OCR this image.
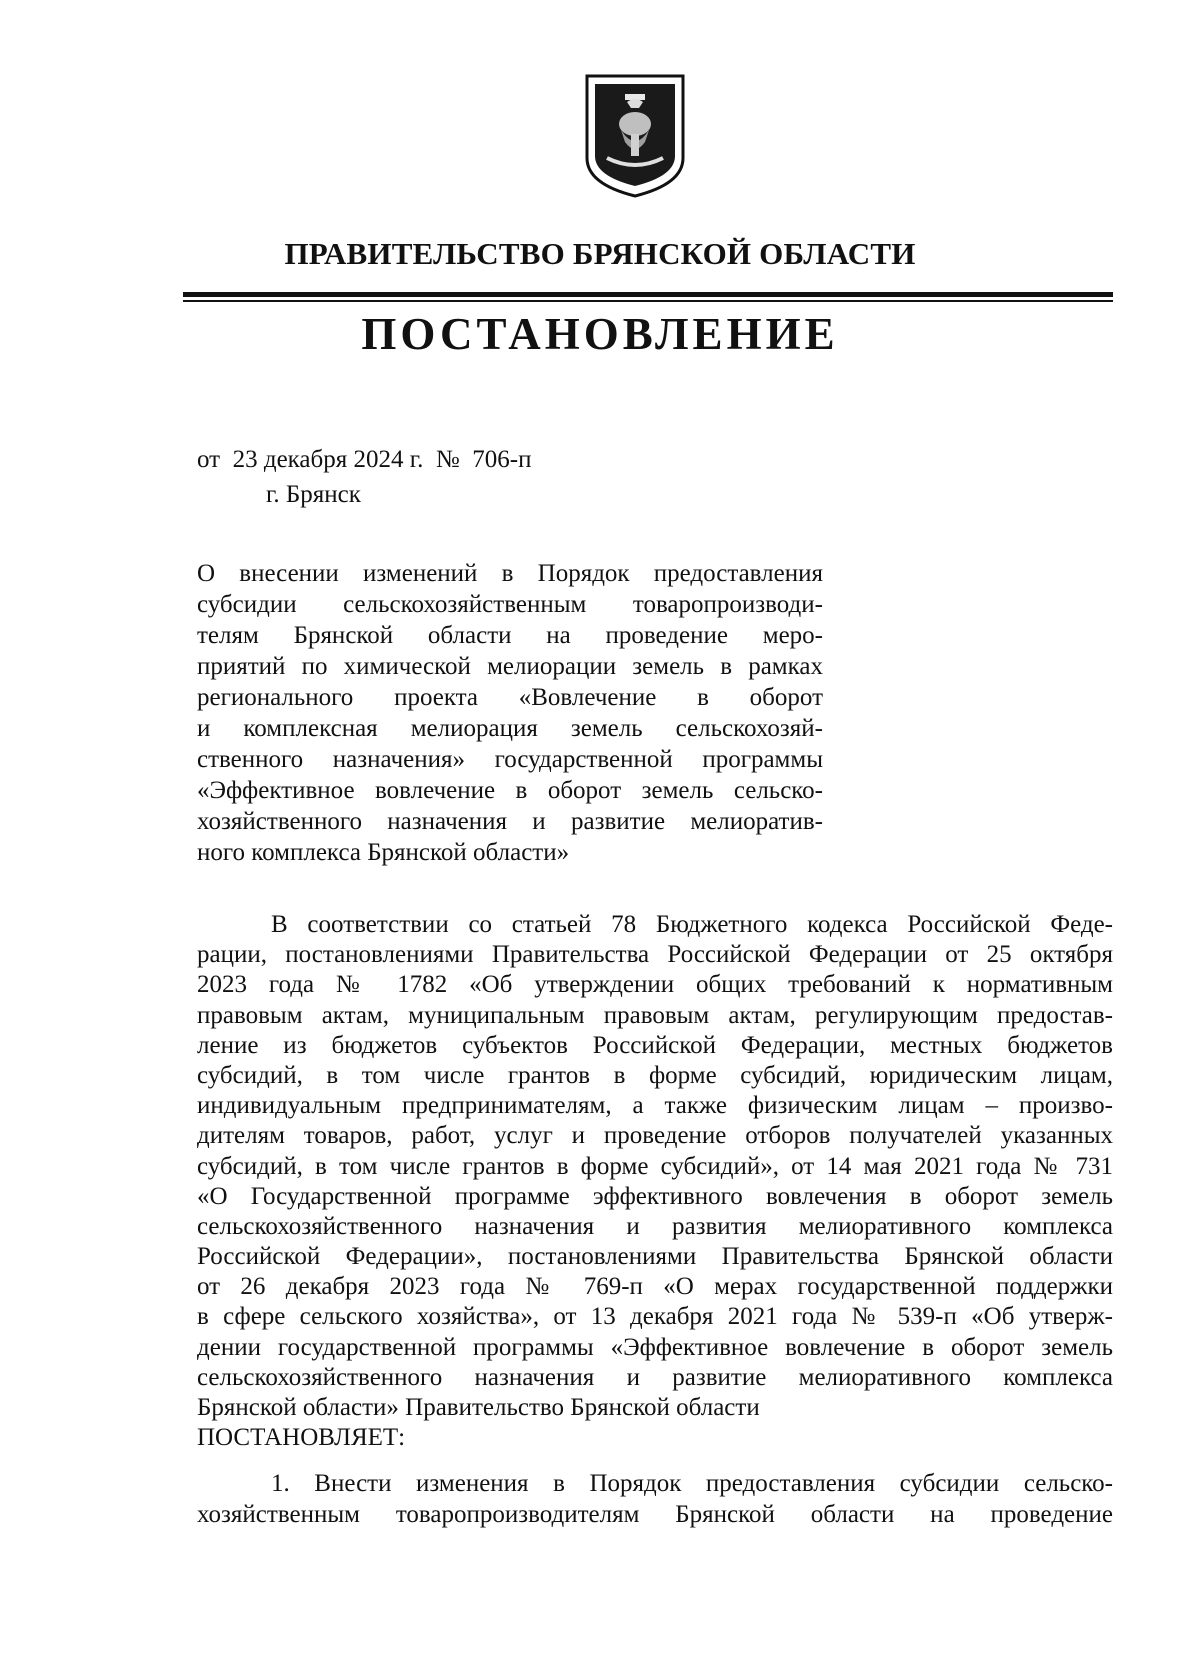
ПРАВИТЕЛЬСТВО БРЯНСКОЙ ОБЛАСТИ
ПОСТАНОВЛЕНИЕ
от  23 декабря 2024 г.  №  706-п
г. Брянск
О внесении изменений в Порядок предоставления
субсидии сельскохозяйственным товаропроизводи-
телям Брянской области на проведение меро-
приятий по химической мелиорации земель в рамках
регионального проекта «Вовлечение в оборот
и комплексная мелиорация земель сельскохозяй-
ственного назначения» государственной программы
«Эффективное вовлечение в оборот земель сельско-
хозяйственного назначения и развитие мелиоратив-
ного комплекса Брянской области»
В соответствии со статьей 78 Бюджетного кодекса Российской Феде-
рации, постановлениями Правительства Российской Федерации от 25 октября
2023 года № 1782 «Об утверждении общих требований к нормативным
правовым актам, муниципальным правовым актам, регулирующим предостав-
ление из бюджетов субъектов Российской Федерации, местных бюджетов
субсидий, в том числе грантов в форме субсидий, юридическим лицам,
индивидуальным предпринимателям, а также физическим лицам – произво-
дителям товаров, работ, услуг и проведение отборов получателей указанных
субсидий, в том числе грантов в форме субсидий», от 14 мая 2021 года № 731
«О Государственной программе эффективного вовлечения в оборот земель
сельскохозяйственного назначения и развития мелиоративного комплекса
Российской Федерации», постановлениями Правительства Брянской области
от 26 декабря 2023 года № 769-п «О мерах государственной поддержки
в сфере сельского хозяйства», от 13 декабря 2021 года № 539-п «Об утверж-
дении государственной программы «Эффективное вовлечение в оборот земель
сельскохозяйственного назначения и развитие мелиоративного комплекса
Брянской области» Правительство Брянской области
ПОСТАНОВЛЯЕТ:
1. Внести изменения в Порядок предоставления субсидии сельско-
хозяйственным товаропроизводителям Брянской области на проведение
